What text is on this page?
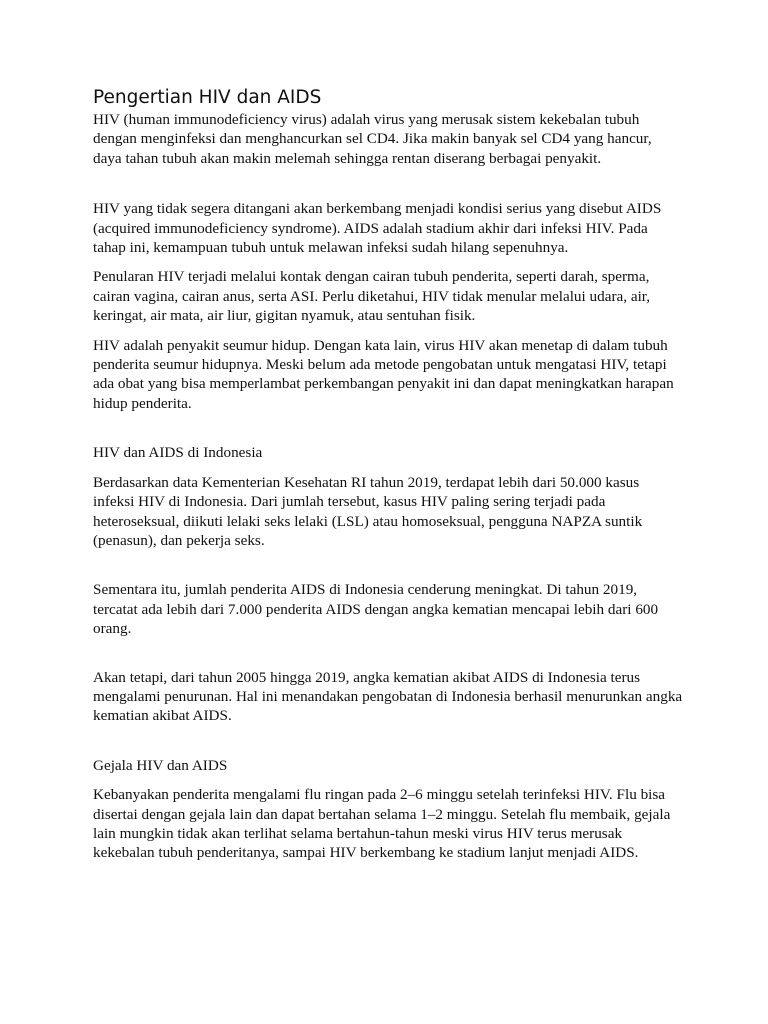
Pengertian HIV dan AIDS

HIV (human immunodeficiency virus) adalah virus yang merusak sistem kekebalan tubuh dengan menginfeksi dan menghancurkan sel CD4. Jika makin banyak sel CD4 yang hancur, daya tahan tubuh akan makin melemah sehingga rentan diserang berbagai penyakit.

HIV yang tidak segera ditangani akan berkembang menjadi kondisi serius yang disebut AIDS (acquired immunodeficiency syndrome). AIDS adalah stadium akhir dari infeksi HIV. Pada tahap ini, kemampuan tubuh untuk melawan infeksi sudah hilang sepenuhnya.

Penularan HIV terjadi melalui kontak dengan cairan tubuh penderita, seperti darah, sperma, cairan vagina, cairan anus, serta ASI. Perlu diketahui, HIV tidak menular melalui udara, air, keringat, air mata, air liur, gigitan nyamuk, atau sentuhan fisik.

HIV adalah penyakit seumur hidup. Dengan kata lain, virus HIV akan menetap di dalam tubuh penderita seumur hidupnya. Meski belum ada metode pengobatan untuk mengatasi HIV, tetapi ada obat yang bisa memperlambat perkembangan penyakit ini dan dapat meningkatkan harapan hidup penderita.

HIV dan AIDS di Indonesia

Berdasarkan data Kementerian Kesehatan RI tahun 2019, terdapat lebih dari 50.000 kasus infeksi HIV di Indonesia. Dari jumlah tersebut, kasus HIV paling sering terjadi pada heteroseksual, diikuti lelaki seks lelaki (LSL) atau homoseksual, pengguna NAPZA suntik (penasun), dan pekerja seks.

Sementara itu, jumlah penderita AIDS di Indonesia cenderung meningkat. Di tahun 2019, tercatat ada lebih dari 7.000 penderita AIDS dengan angka kematian mencapai lebih dari 600 orang.

Akan tetapi, dari tahun 2005 hingga 2019, angka kematian akibat AIDS di Indonesia terus mengalami penurunan. Hal ini menandakan pengobatan di Indonesia berhasil menurunkan angka kematian akibat AIDS.

Gejala HIV dan AIDS

Kebanyakan penderita mengalami flu ringan pada 2–6 minggu setelah terinfeksi HIV. Flu bisa disertai dengan gejala lain dan dapat bertahan selama 1–2 minggu. Setelah flu membaik, gejala lain mungkin tidak akan terlihat selama bertahun-tahun meski virus HIV terus merusak kekebalan tubuh penderitanya, sampai HIV berkembang ke stadium lanjut menjadi AIDS.
